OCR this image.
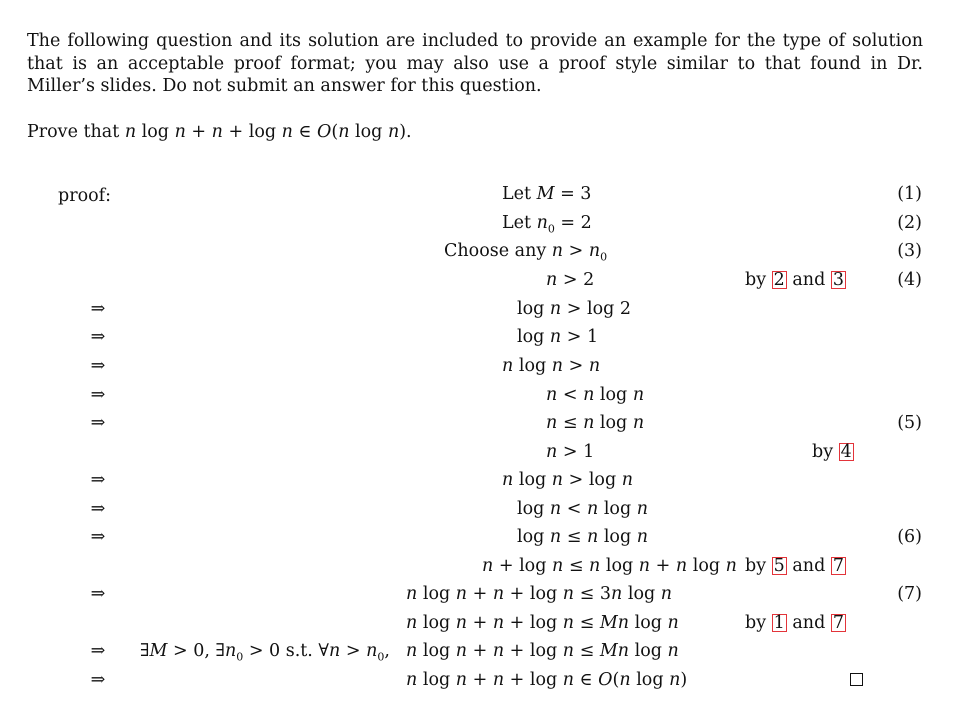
The following question and its solution are included to provide an example for the type of solution that is an acceptable proof format; you may also use a proof style similar to that found in Dr. Miller’s slides. Do not submit an answer for this question.
Prove that n log n + n + log n ∈ O(n log n).
proof:	Let M = 3	(1)
Let $n_0 = 2$	(2)
Choose any $n > n_0$	(3)
n > 2	by 2 and 3	(4)
⇒	log n > log 2
⇒	log n > 1
⇒	n log n > n
⇒	n < n log n
⇒	n ≤ n log n	(5)
n > 1	by 4
⇒	n log n > log n
⇒	log n < n log n
⇒	log n ≤ n log n	(6)
n + log n ≤ n log n + n log n by 5 and 7
⇒	n log n + n + log n ≤ 3n log n	(7)
n log n + n + log n ≤ Mn log n	by 1 and 7
⇒ ∃M > 0, $\exists n_0 > 0$ s.t. ∀n > $n_0$, n log n + n + log n ≤ Mn log n
⇒	n log n + n + log n ∈ O(n log n)
